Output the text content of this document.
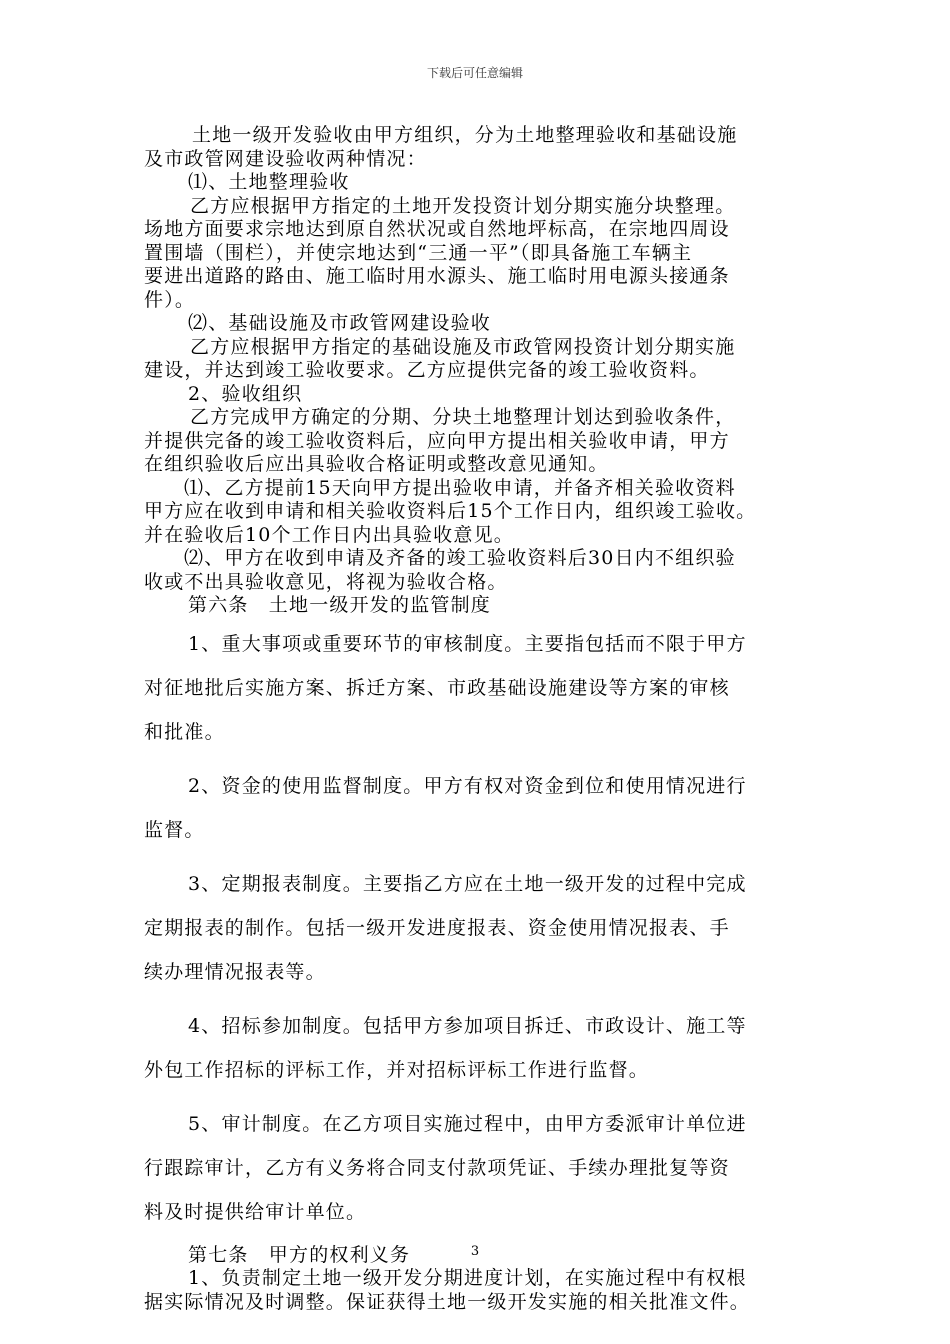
下载后可任意编辑
土地一级开发验收由甲方组织，分为土地整理验收和基础设施
及市政管网建设验收两种情况：
⑴、土地整理验收
乙方应根据甲方指定的土地开发投资计划分期实施分块整理。
场地方面要求宗地达到原自然状况或自然地坪标高，在宗地四周设
置围墙（围栏），并使宗地达到“三通一平”（即具备施工车辆主
要进出道路的路由、施工临时用水源头、施工临时用电源头接通条
件）。
⑵、基础设施及市政管网建设验收
乙方应根据甲方指定的基础设施及市政管网投资计划分期实施
建设，并达到竣工验收要求。乙方应提供完备的竣工验收资料。
2、验收组织
乙方完成甲方确定的分期、分块土地整理计划达到验收条件，
并提供完备的竣工验收资料后，应向甲方提出相关验收申请，甲方
在组织验收后应出具验收合格证明或整改意见通知。
⑴、乙方提前15天向甲方提出验收申请，并备齐相关验收资料
甲方应在收到申请和相关验收资料后15个工作日内，组织竣工验收。
并在验收后10个工作日内出具验收意见。
⑵、甲方在收到申请及齐备的竣工验收资料后30日内不组织验
收或不出具验收意见，将视为验收合格。
第六条　土地一级开发的监管制度
1、重大事项或重要环节的审核制度。主要指包括而不限于甲方
对征地批后实施方案、拆迁方案、市政基础设施建设等方案的审核
和批准。
2、资金的使用监督制度。甲方有权对资金到位和使用情况进行
监督。
3、定期报表制度。主要指乙方应在土地一级开发的过程中完成
定期报表的制作。包括一级开发进度报表、资金使用情况报表、手
续办理情况报表等。
4、招标参加制度。包括甲方参加项目拆迁、市政设计、施工等
外包工作招标的评标工作，并对招标评标工作进行监督。
5、审计制度。在乙方项目实施过程中，由甲方委派审计单位进
行跟踪审计，乙方有义务将合同支付款项凭证、手续办理批复等资
料及时提供给审计单位。
第七条　甲方的权利义务
1、负责制定土地一级开发分期进度计划，在实施过程中有权根
据实际情况及时调整。保证获得土地一级开发实施的相关批准文件。
3
